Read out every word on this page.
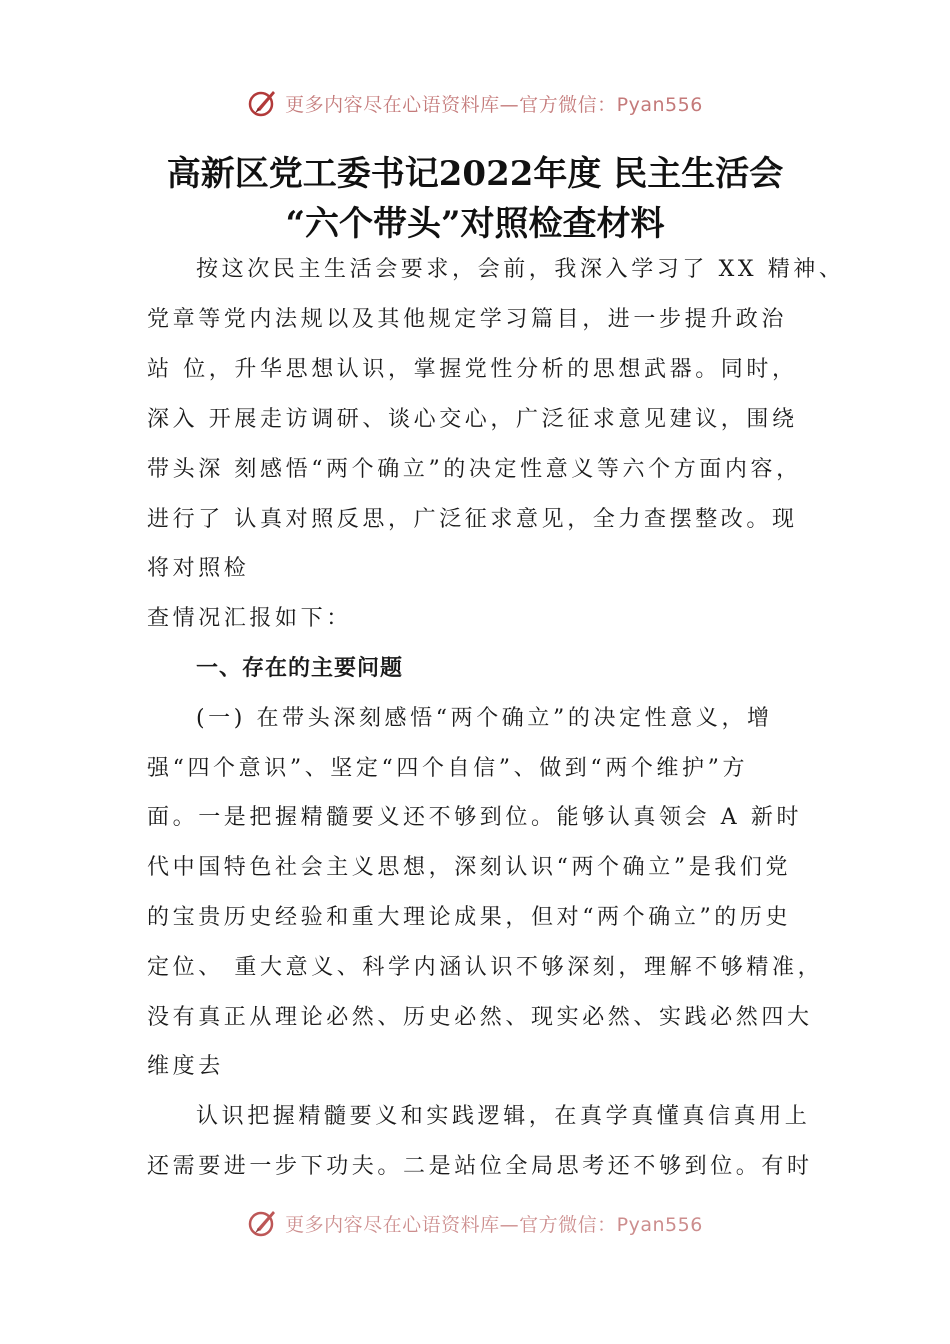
更多内容尽在心语资料库—官方微信：Pyan556
高新区党工委书记2022年度 民主生活会
“六个带头”对照检查材料
按这次民主生活会要求，会前，我深入学习了 XX 精神、
党章等党内法规以及其他规定学习篇目，进一步提升政治
站 位，升华思想认识，掌握党性分析的思想武器。同时，
深入 开展走访调研、谈心交心，广泛征求意见建议，围绕
带头深 刻感悟“两个确立”的决定性意义等六个方面内容，
进行了 认真对照反思，广泛征求意见，全力查摆整改。现
将对照检
查情况汇报如下：
一、存在的主要问题
(一) 在带头深刻感悟“两个确立”的决定性意义，增
强“四个意识”、坚定“四个自信”、做到“两个维护”方
面。一是把握精髓要义还不够到位。能够认真领会 A 新时
代中国特色社会主义思想，深刻认识“两个确立”是我们党
的宝贵历史经验和重大理论成果，但对“两个确立”的历史
定位、 重大意义、科学内涵认识不够深刻，理解不够精准，
没有真正从理论必然、历史必然、现实必然、实践必然四大
维度去
认识把握精髓要义和实践逻辑，在真学真懂真信真用上
还需要进一步下功夫。二是站位全局思考还不够到位。有时
更多内容尽在心语资料库—官方微信：Pyan556
